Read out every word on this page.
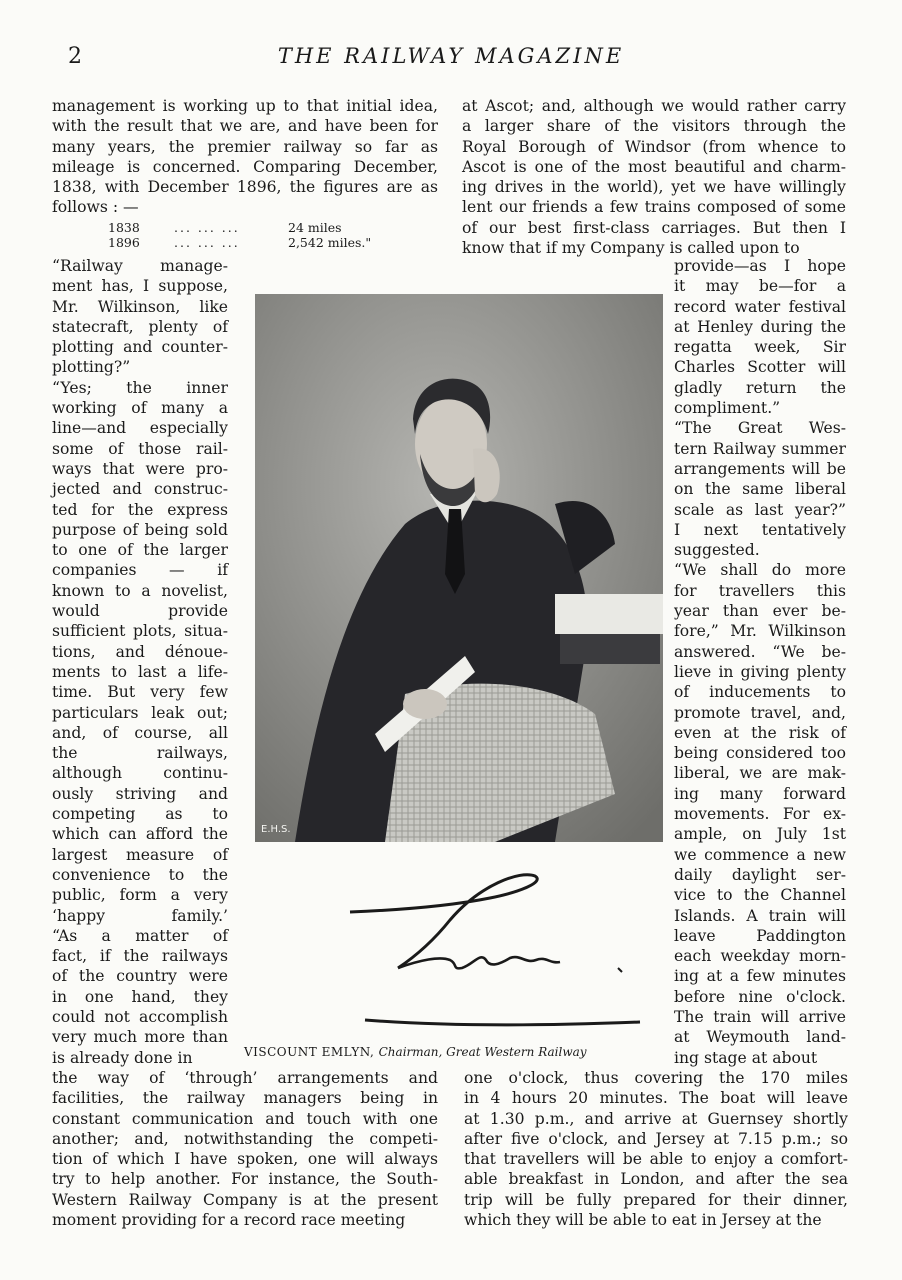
2	THE RAILWAY MAGAZINE

management is working up to that initial idea, with the result that we are, and have been for many years, the premier railway so far as mileage is concerned. Comparing December, 1838, with December 1896, the figures are as follows : —

1838	... ... ...	24 miles
1896	... ... ...	2,542 miles."
“Railway manage-
ment has, I suppose,
Mr. Wilkinson, like
statecraft, plenty of
plotting and counter-
plotting?”
“Yes; the inner
working of many a
line—and especially
some of those rail-
ways that were pro-
jected and construc-
ted for the express
purpose of being sold
to one of the larger
companies — if
known to a novelist,
would provide
sufficient plots, situa-
tions, and dénoue-
ments to last a life-
time. But very few
particulars leak out;
and, of course, all
the railways,
although continu-
ously striving and
competing as to
which can afford the
largest measure of
convenience to the
public, form a very
‘happy family.’
“As a matter of
fact, if the railways
of the country were
in one hand, they
could not accomplish
very much more than
is already done in
the way of ‘through’ arrangements and
facilities, the railway managers being in
constant communication and touch with one
another; and, notwithstanding the competi-
tion of which I have spoken, one will always
try to help another. For instance, the South-
Western Railway Company is at the present
moment providing for a record race meeting
at Ascot; and, although we would rather carry
a larger share of the visitors through the
Royal Borough of Windsor (from whence to
Ascot is one of the most beautiful and charm-
ing drives in the world), yet we have willingly
lent our friends a few trains composed of some
of our best first-class carriages. But then I
know that if my Company is called upon to
provide—as I hope
it may be—for a
record water festival
at Henley during the
regatta week, Sir
Charles Scotter will
gladly return the
compliment.”
“The Great Wes-
tern Railway summer
arrangements will be
on the same liberal
scale as last year?”
I next tentatively
suggested.
“We shall do more
for travellers this
year than ever be-
fore,” Mr. Wilkinson
answered. “We be-
lieve in giving plenty
of inducements to
promote travel, and,
even at the risk of
being considered too
liberal, we are mak-
ing many forward
movements. For ex-
ample, on July 1st
we commence a new
daily daylight ser-
vice to the Channel
Islands. A train will
leave Paddington
each weekday morn-
ing at a few minutes
before nine o'clock.
The train will arrive
at Weymouth land-
ing stage at about
one o'clock, thus covering the 170 miles
in 4 hours 20 minutes. The boat will leave
at 1.30 p.m., and arrive at Guernsey shortly
after five o'clock, and Jersey at 7.15 p.m.; so
that travellers will be able to enjoy a comfort-
able breakfast in London, and after the sea
trip will be fully prepared for their dinner,
which they will be able to eat in Jersey at the
E.H.S.
Emlyn
VISCOUNT EMLYN, Chairman, Great Western Railway
